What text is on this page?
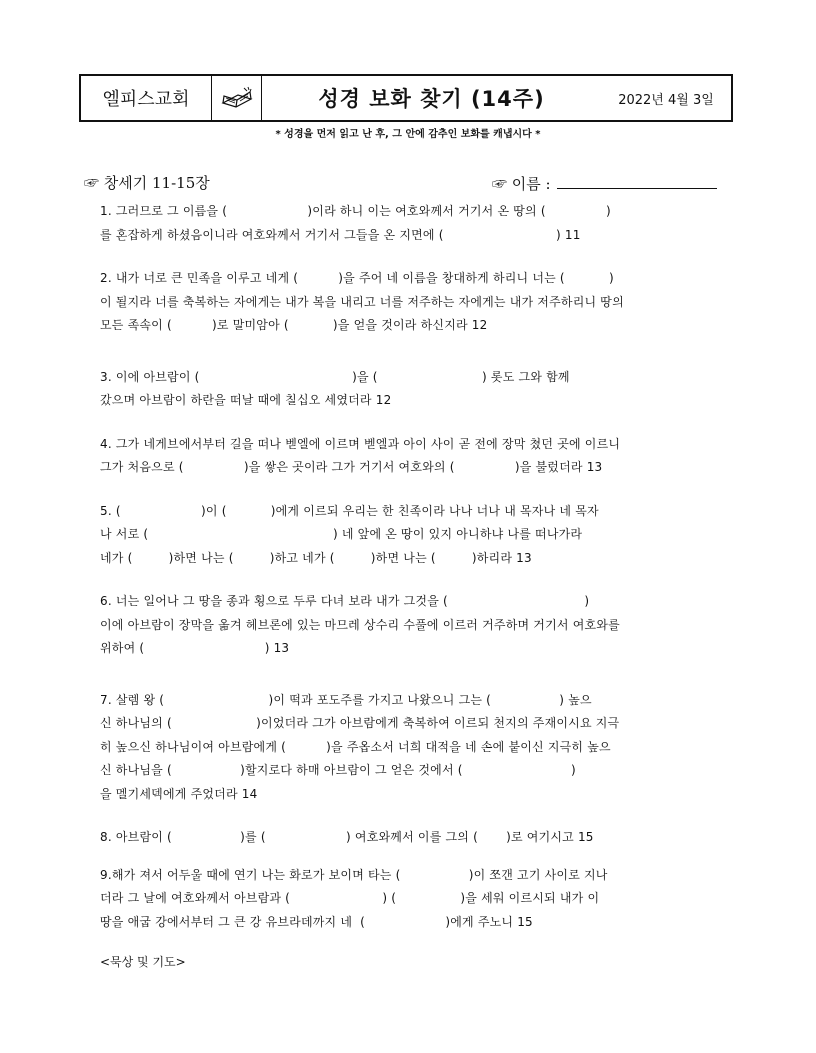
엘피스교회	성경 보화 찾기 (14주)	2022년 4월 3일
* 성경을 먼저 읽고 난 후, 그 안에 감추인 보화를 캐냅시다 *
☞ 창세기 11-15장	☞ 이름 :
1. 그러므로 그 이름을 (                    )이라 하니 이는 여호와께서 거기서 온 땅의 (               )
를 혼잡하게 하셨음이니라 여호와께서 거기서 그들을 온 지면에 (                            ) 11
2. 내가 너로 큰 민족을 이루고 네게 (          )을 주어 네 이름을 창대하게 하리니 너는 (           )
이 될지라 너를 축복하는 자에게는 내가 복을 내리고 너를 저주하는 자에게는 내가 저주하리니 땅의
모든 족속이 (          )로 말미암아 (           )을 얻을 것이라 하신지라 12
3. 이에 아브람이 (                                      )을 (                          ) 롯도 그와 함께
갔으며 아브람이 하란을 떠날 때에 칠십오 세였더라 12
4. 그가 네게브에서부터 길을 떠나 벧엘에 이르며 벧엘과 아이 사이 곧 전에 장막 쳤던 곳에 이르니
그가 처음으로 (               )을 쌓은 곳이라 그가 거기서 여호와의 (               )을 불렀더라 13
5. (                    )이 (           )에게 이르되 우리는 한 친족이라 나나 너나 내 목자나 네 목자
나 서로 (                                              ) 네 앞에 온 땅이 있지 아니하냐 나를 떠나가라
네가 (         )하면 나는 (         )하고 네가 (         )하면 나는 (         )하리라 13
6. 너는 일어나 그 땅을 종과 횡으로 두루 다녀 보라 내가 그것을 (                                  )
이에 아브람이 장막을 옮겨 헤브론에 있는 마므레 상수리 수풀에 이르러 거주하며 거기서 여호와를
위하여 (                              ) 13
7. 살렘 왕 (                          )이 떡과 포도주를 가지고 나왔으니 그는 (                 ) 높으
신 하나님의 (                     )이었더라 그가 아브람에게 축복하여 이르되 천지의 주재이시요 지극
히 높으신 하나님이여 아브람에게 (          )을 주옵소서 너희 대적을 네 손에 붙이신 지극히 높으
신 하나님을 (                 )할지로다 하매 아브람이 그 얻은 것에서 (                           )
을 멜기세덱에게 주었더라 14
8. 아브람이 (                 )를 (                    ) 여호와께서 이를 그의 (       )로 여기시고 15
9.해가 져서 어두울 때에 연기 나는 화로가 보이며 타는 (                 )이 쪼갠 고기 사이로 지나
더라 그 날에 여호와께서 아브람과 (                       ) (                )을 세워 이르시되 내가 이
땅을 애굽 강에서부터 그 큰 강 유브라데까지 네  (                    )에게 주노니 15
<묵상 및 기도>
